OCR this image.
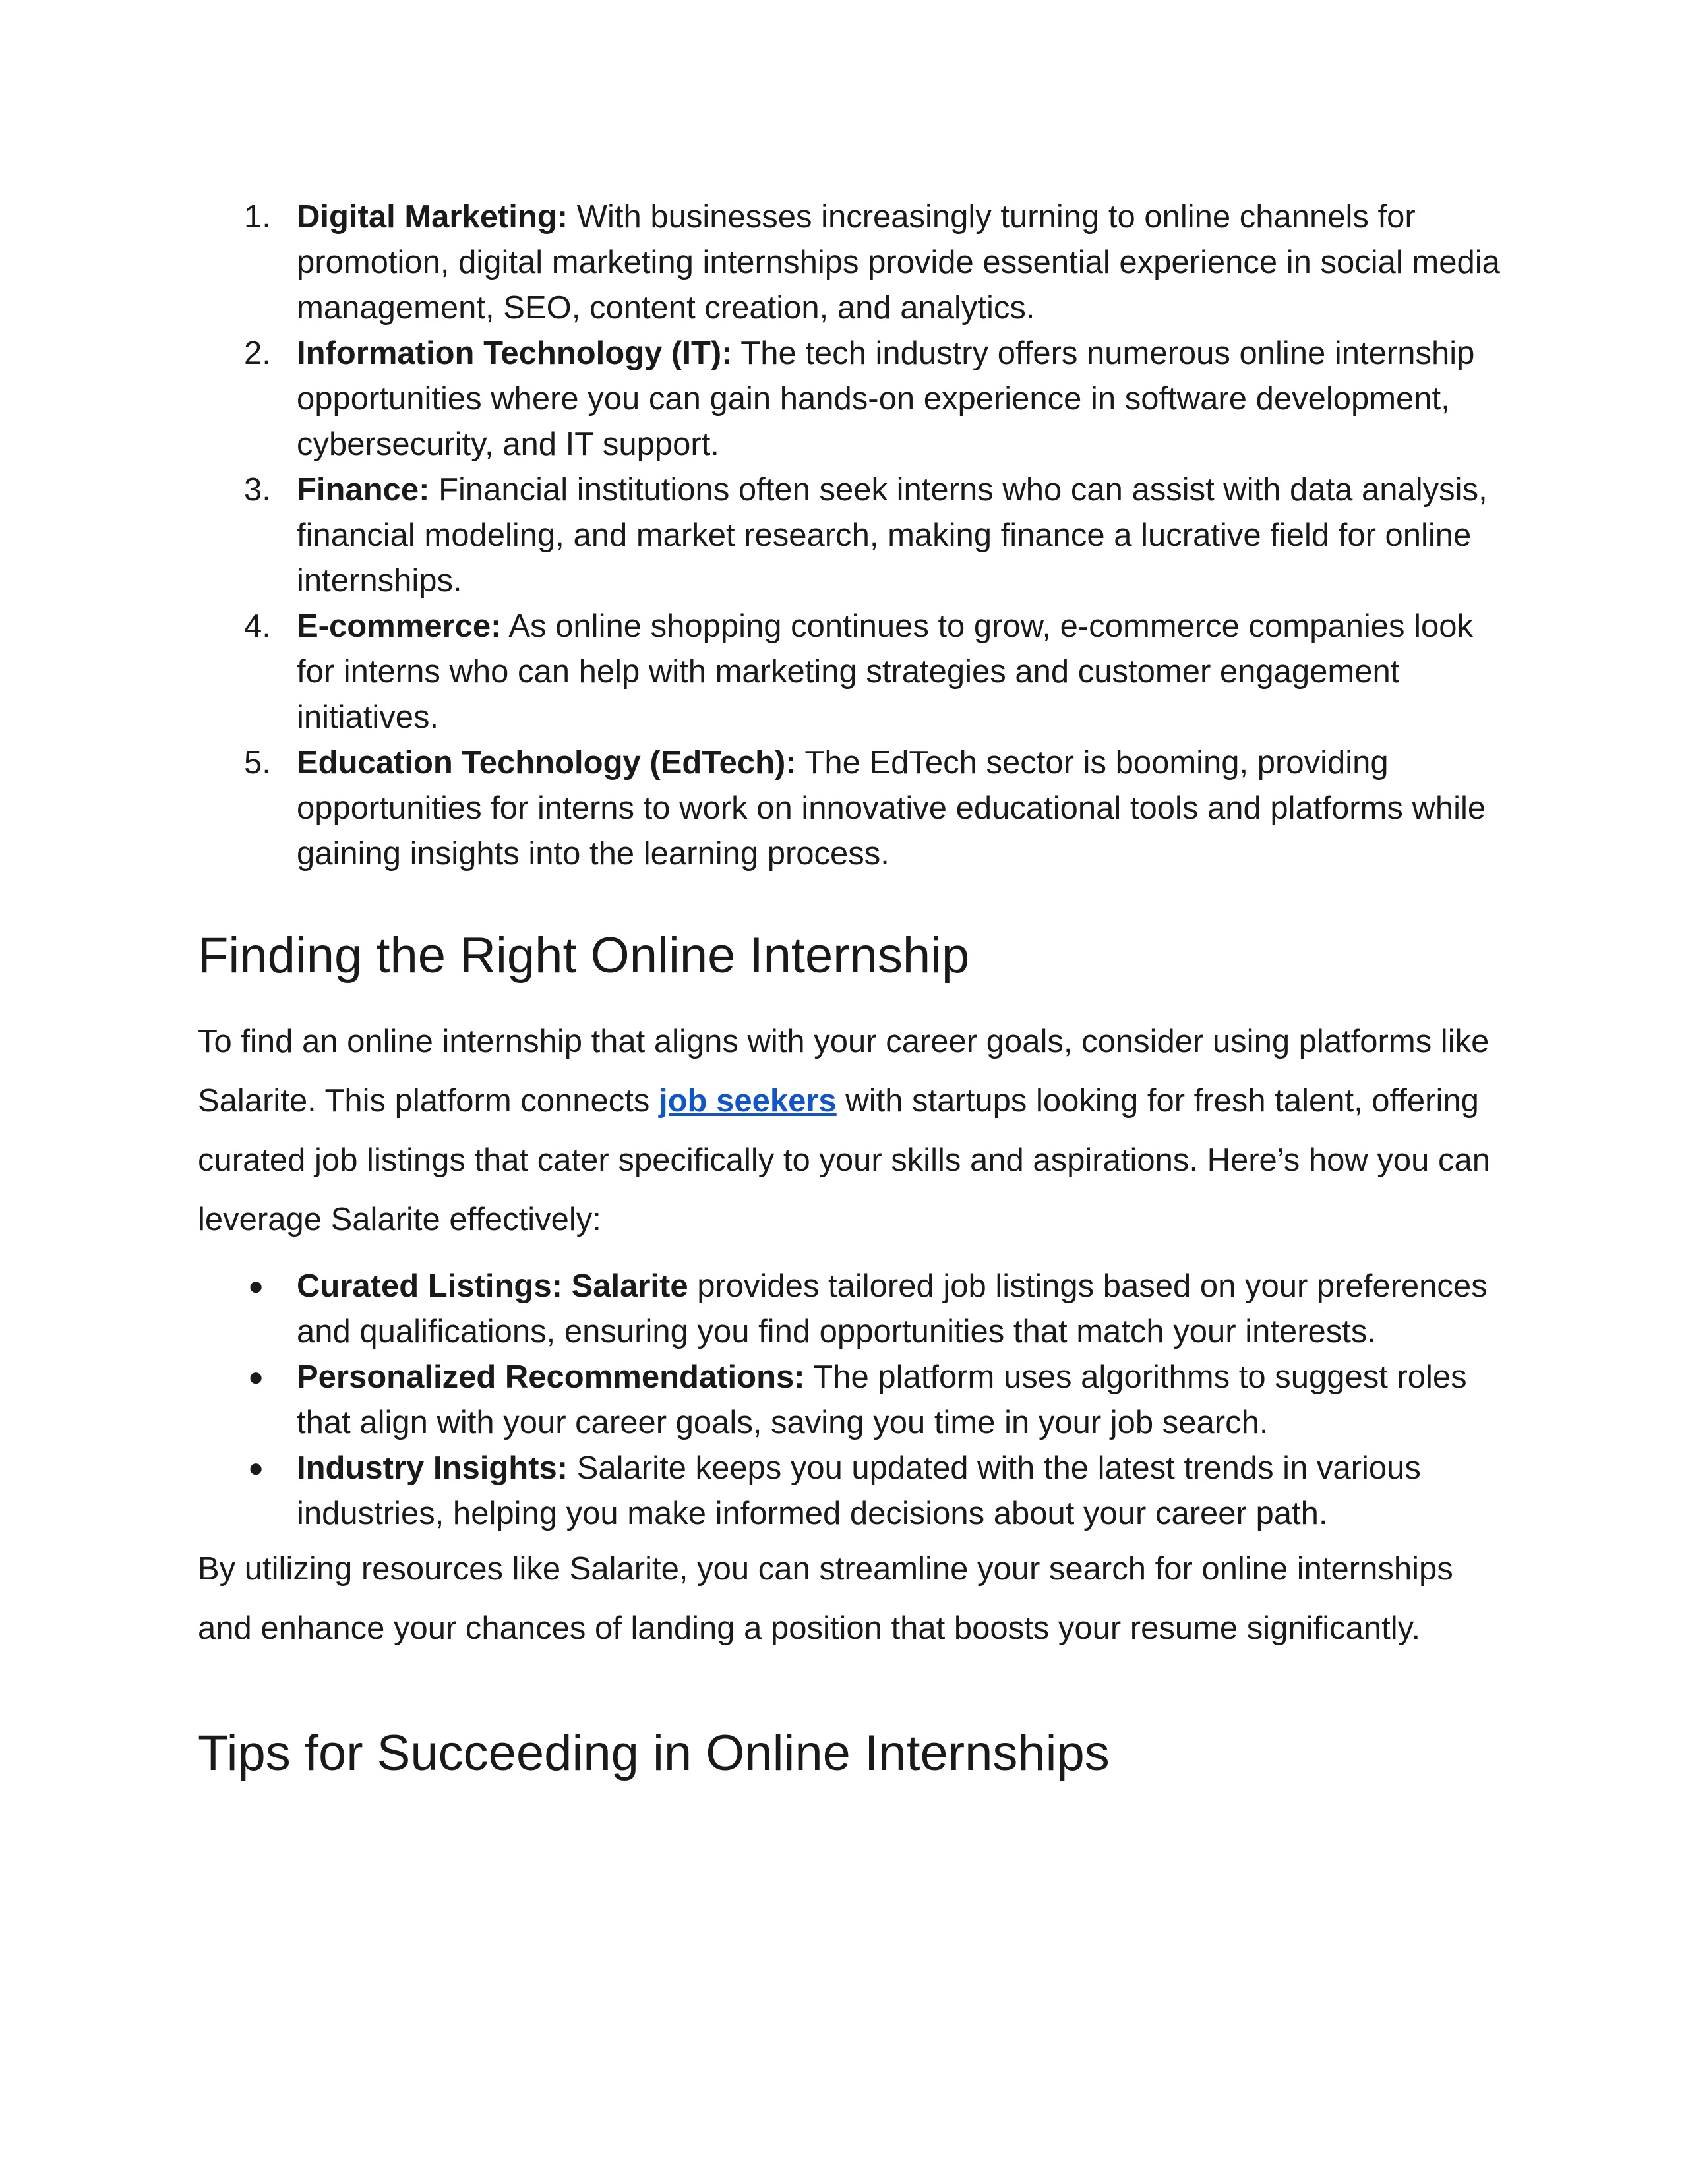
1. Digital Marketing: With businesses increasingly turning to online channels for promotion, digital marketing internships provide essential experience in social media management, SEO, content creation, and analytics.
2. Information Technology (IT): The tech industry offers numerous online internship opportunities where you can gain hands-on experience in software development, cybersecurity, and IT support.
3. Finance: Financial institutions often seek interns who can assist with data analysis, financial modeling, and market research, making finance a lucrative field for online internships.
4. E-commerce: As online shopping continues to grow, e-commerce companies look for interns who can help with marketing strategies and customer engagement initiatives.
5. Education Technology (EdTech): The EdTech sector is booming, providing opportunities for interns to work on innovative educational tools and platforms while gaining insights into the learning process.
Finding the Right Online Internship

To find an online internship that aligns with your career goals, consider using platforms like Salarite. This platform connects job seekers with startups looking for fresh talent, offering curated job listings that cater specifically to your skills and aspirations. Here’s how you can leverage Salarite effectively:

● Curated Listings: Salarite provides tailored job listings based on your preferences and qualifications, ensuring you find opportunities that match your interests.
● Personalized Recommendations: The platform uses algorithms to suggest roles that align with your career goals, saving you time in your job search.
● Industry Insights: Salarite keeps you updated with the latest trends in various industries, helping you make informed decisions about your career path.

By utilizing resources like Salarite, you can streamline your search for online internships and enhance your chances of landing a position that boosts your resume significantly.

Tips for Succeeding in Online Internships
